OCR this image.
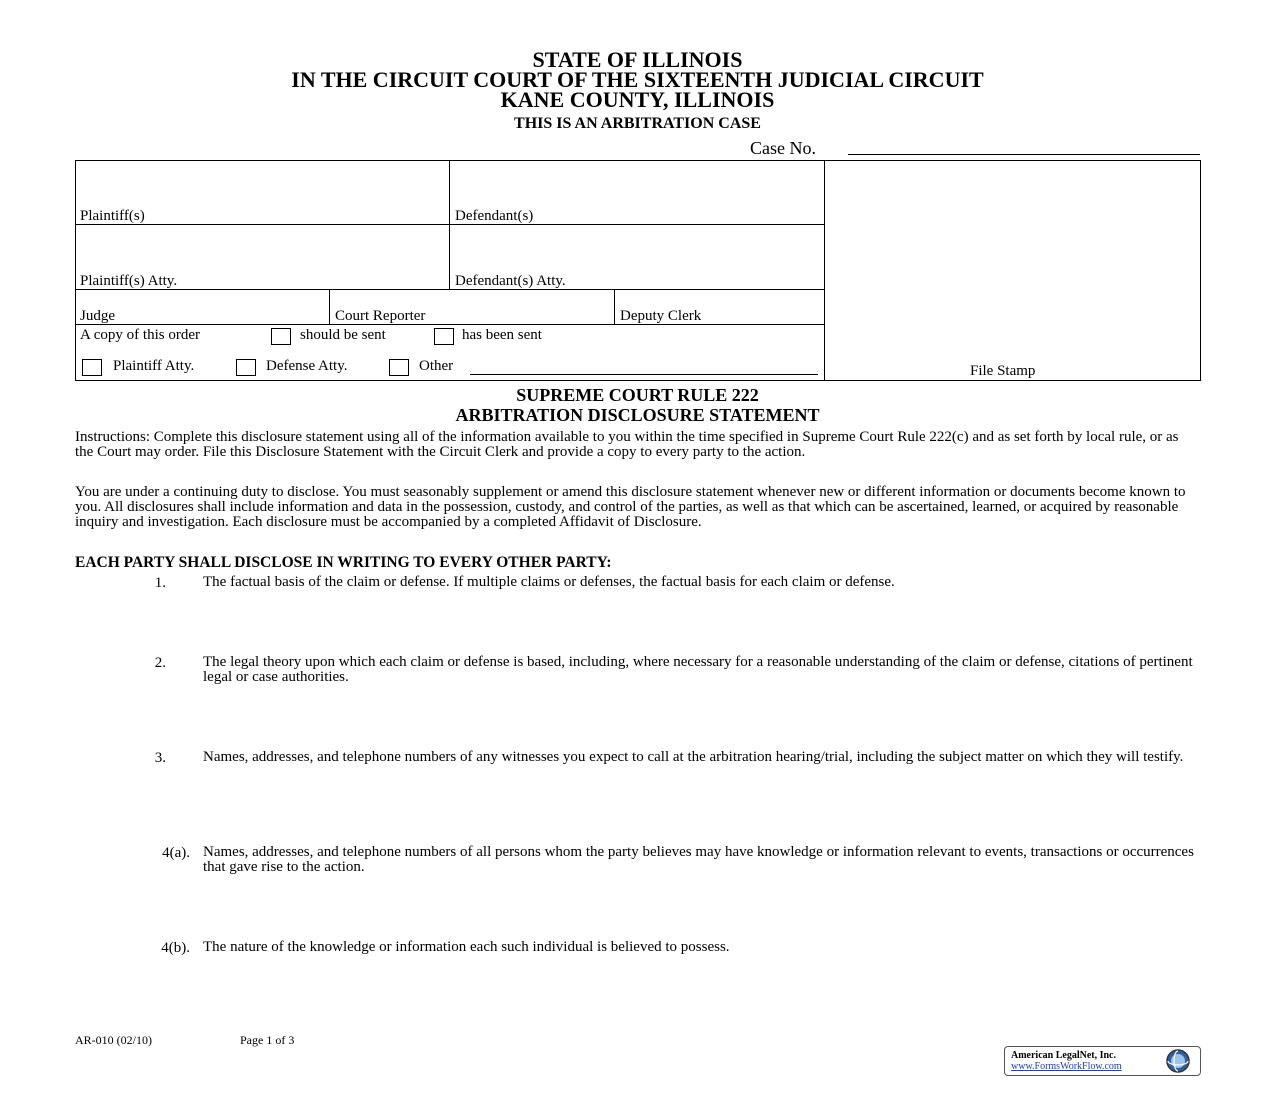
STATE OF ILLINOIS
IN THE CIRCUIT COURT OF THE SIXTEENTH JUDICIAL CIRCUIT
KANE COUNTY, ILLINOIS
THIS IS AN ARBITRATION CASE
Case No.
Plaintiff(s)	Defendant(s)
Plaintiff(s) Atty.	Defendant(s) Atty.
Judge	Court Reporter	Deputy Clerk
A copy of this order	should be sent	has been sent
Plaintiff Atty.	Defense Atty.	Other	File Stamp
SUPREME COURT RULE 222
ARBITRATION DISCLOSURE STATEMENT
Instructions: Complete this disclosure statement using all of the information available to you within the time specified in Supreme Court Rule 222(c) and as set forth by local rule, or as the Court may order. File this Disclosure Statement with the Circuit Clerk and provide a copy to every party to the action.
You are under a continuing duty to disclose. You must seasonably supplement or amend this disclosure statement whenever new or different information or documents become known to you. All disclosures shall include information and data in the possession, custody, and control of the parties, as well as that which can be ascertained, learned, or acquired by reasonable inquiry and investigation. Each disclosure must be accompanied by a completed Affidavit of Disclosure.
EACH PARTY SHALL DISCLOSE IN WRITING TO EVERY OTHER PARTY:
1. The factual basis of the claim or defense. If multiple claims or defenses, the factual basis for each claim or defense.
2. The legal theory upon which each claim or defense is based, including, where necessary for a reasonable understanding of the claim or defense, citations of pertinent legal or case authorities.
3. Names, addresses, and telephone numbers of any witnesses you expect to call at the arbitration hearing/trial, including the subject matter on which they will testify.
4(a). Names, addresses, and telephone numbers of all persons whom the party believes may have knowledge or information relevant to events, transactions or occurrences that gave rise to the action.
4(b). The nature of the knowledge or information each such individual is believed to possess.
AR-010 (02/10)	Page 1 of 3
American LegalNet, Inc.
www.FormsWorkFlow.com
